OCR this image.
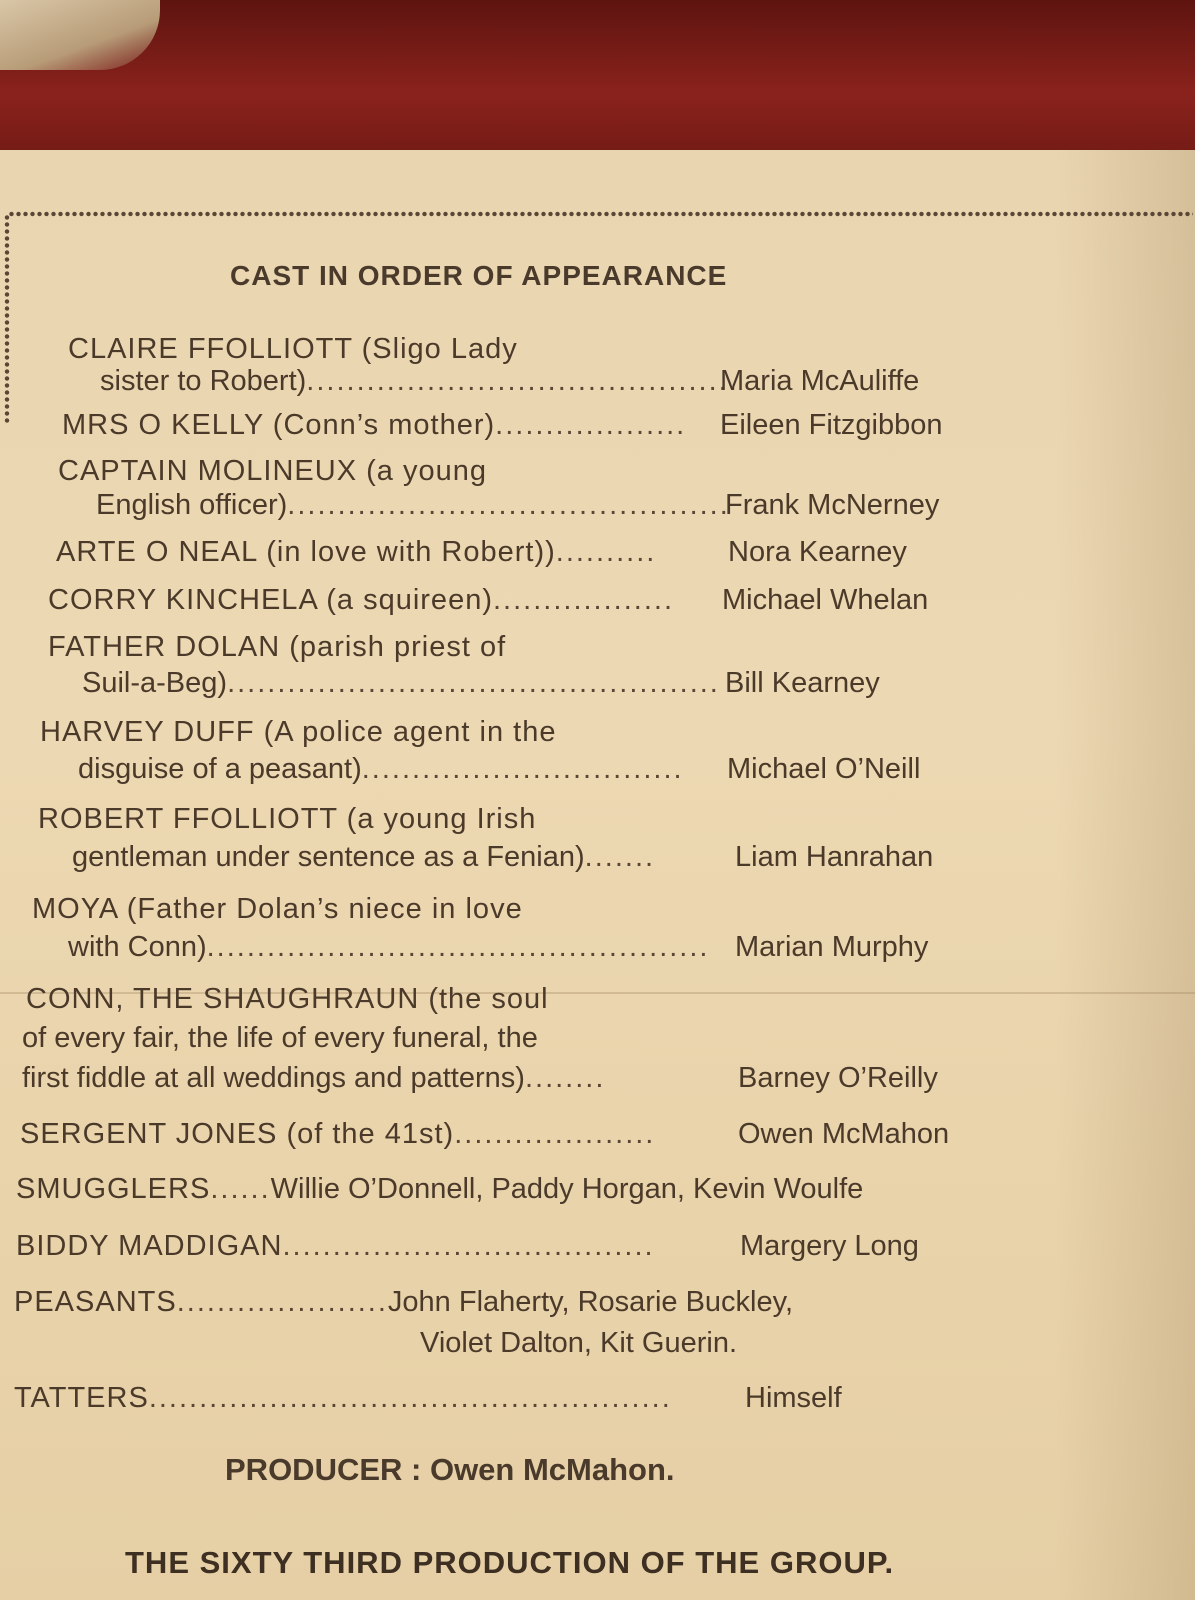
CAST IN ORDER OF APPEARANCE
CLAIRE FFOLLIOTT (Sligo Lady
sister to Robert)...........................................
Maria McAuliffe
MRS O KELLY (Conn’s mother)................... Eileen Fitzgibbon
CAPTAIN MOLINEUX (a young
English officer)............................................
Frank McNerney
ARTE O NEAL (in love with Robert)).......... Nora Kearney
CORRY KINCHELA (a squireen).................. Michael Whelan
FATHER DOLAN (parish priest of
Suil-a-Beg)................................................. Bill Kearney
HARVEY DUFF (A police agent in the
disguise of a peasant)................................ Michael O’Neill
ROBERT FFOLLIOTT (a young Irish
gentleman under sentence as a Fenian).......	Liam Hanrahan
MOYA (Father Dolan’s niece in love
with Conn).................................................. Marian Murphy
CONN, THE SHAUGHRAUN (the soul
of every fair, the life of every funeral, the
first fiddle at all weddings and patterns)........	Barney O’Reilly
SERGENT JONES (of the 41st)....................	Owen McMahon
SMUGGLERS......Willie O’Donnell, Paddy Horgan, Kevin Woulfe
BIDDY MADDIGAN.....................................	Margery Long
PEASANTS.....................John Flaherty, Rosarie Buckley,
Violet Dalton, Kit Guerin.
TATTERS....................................................	Himself
PRODUCER : Owen McMahon.
THE SIXTY THIRD PRODUCTION OF THE GROUP.
